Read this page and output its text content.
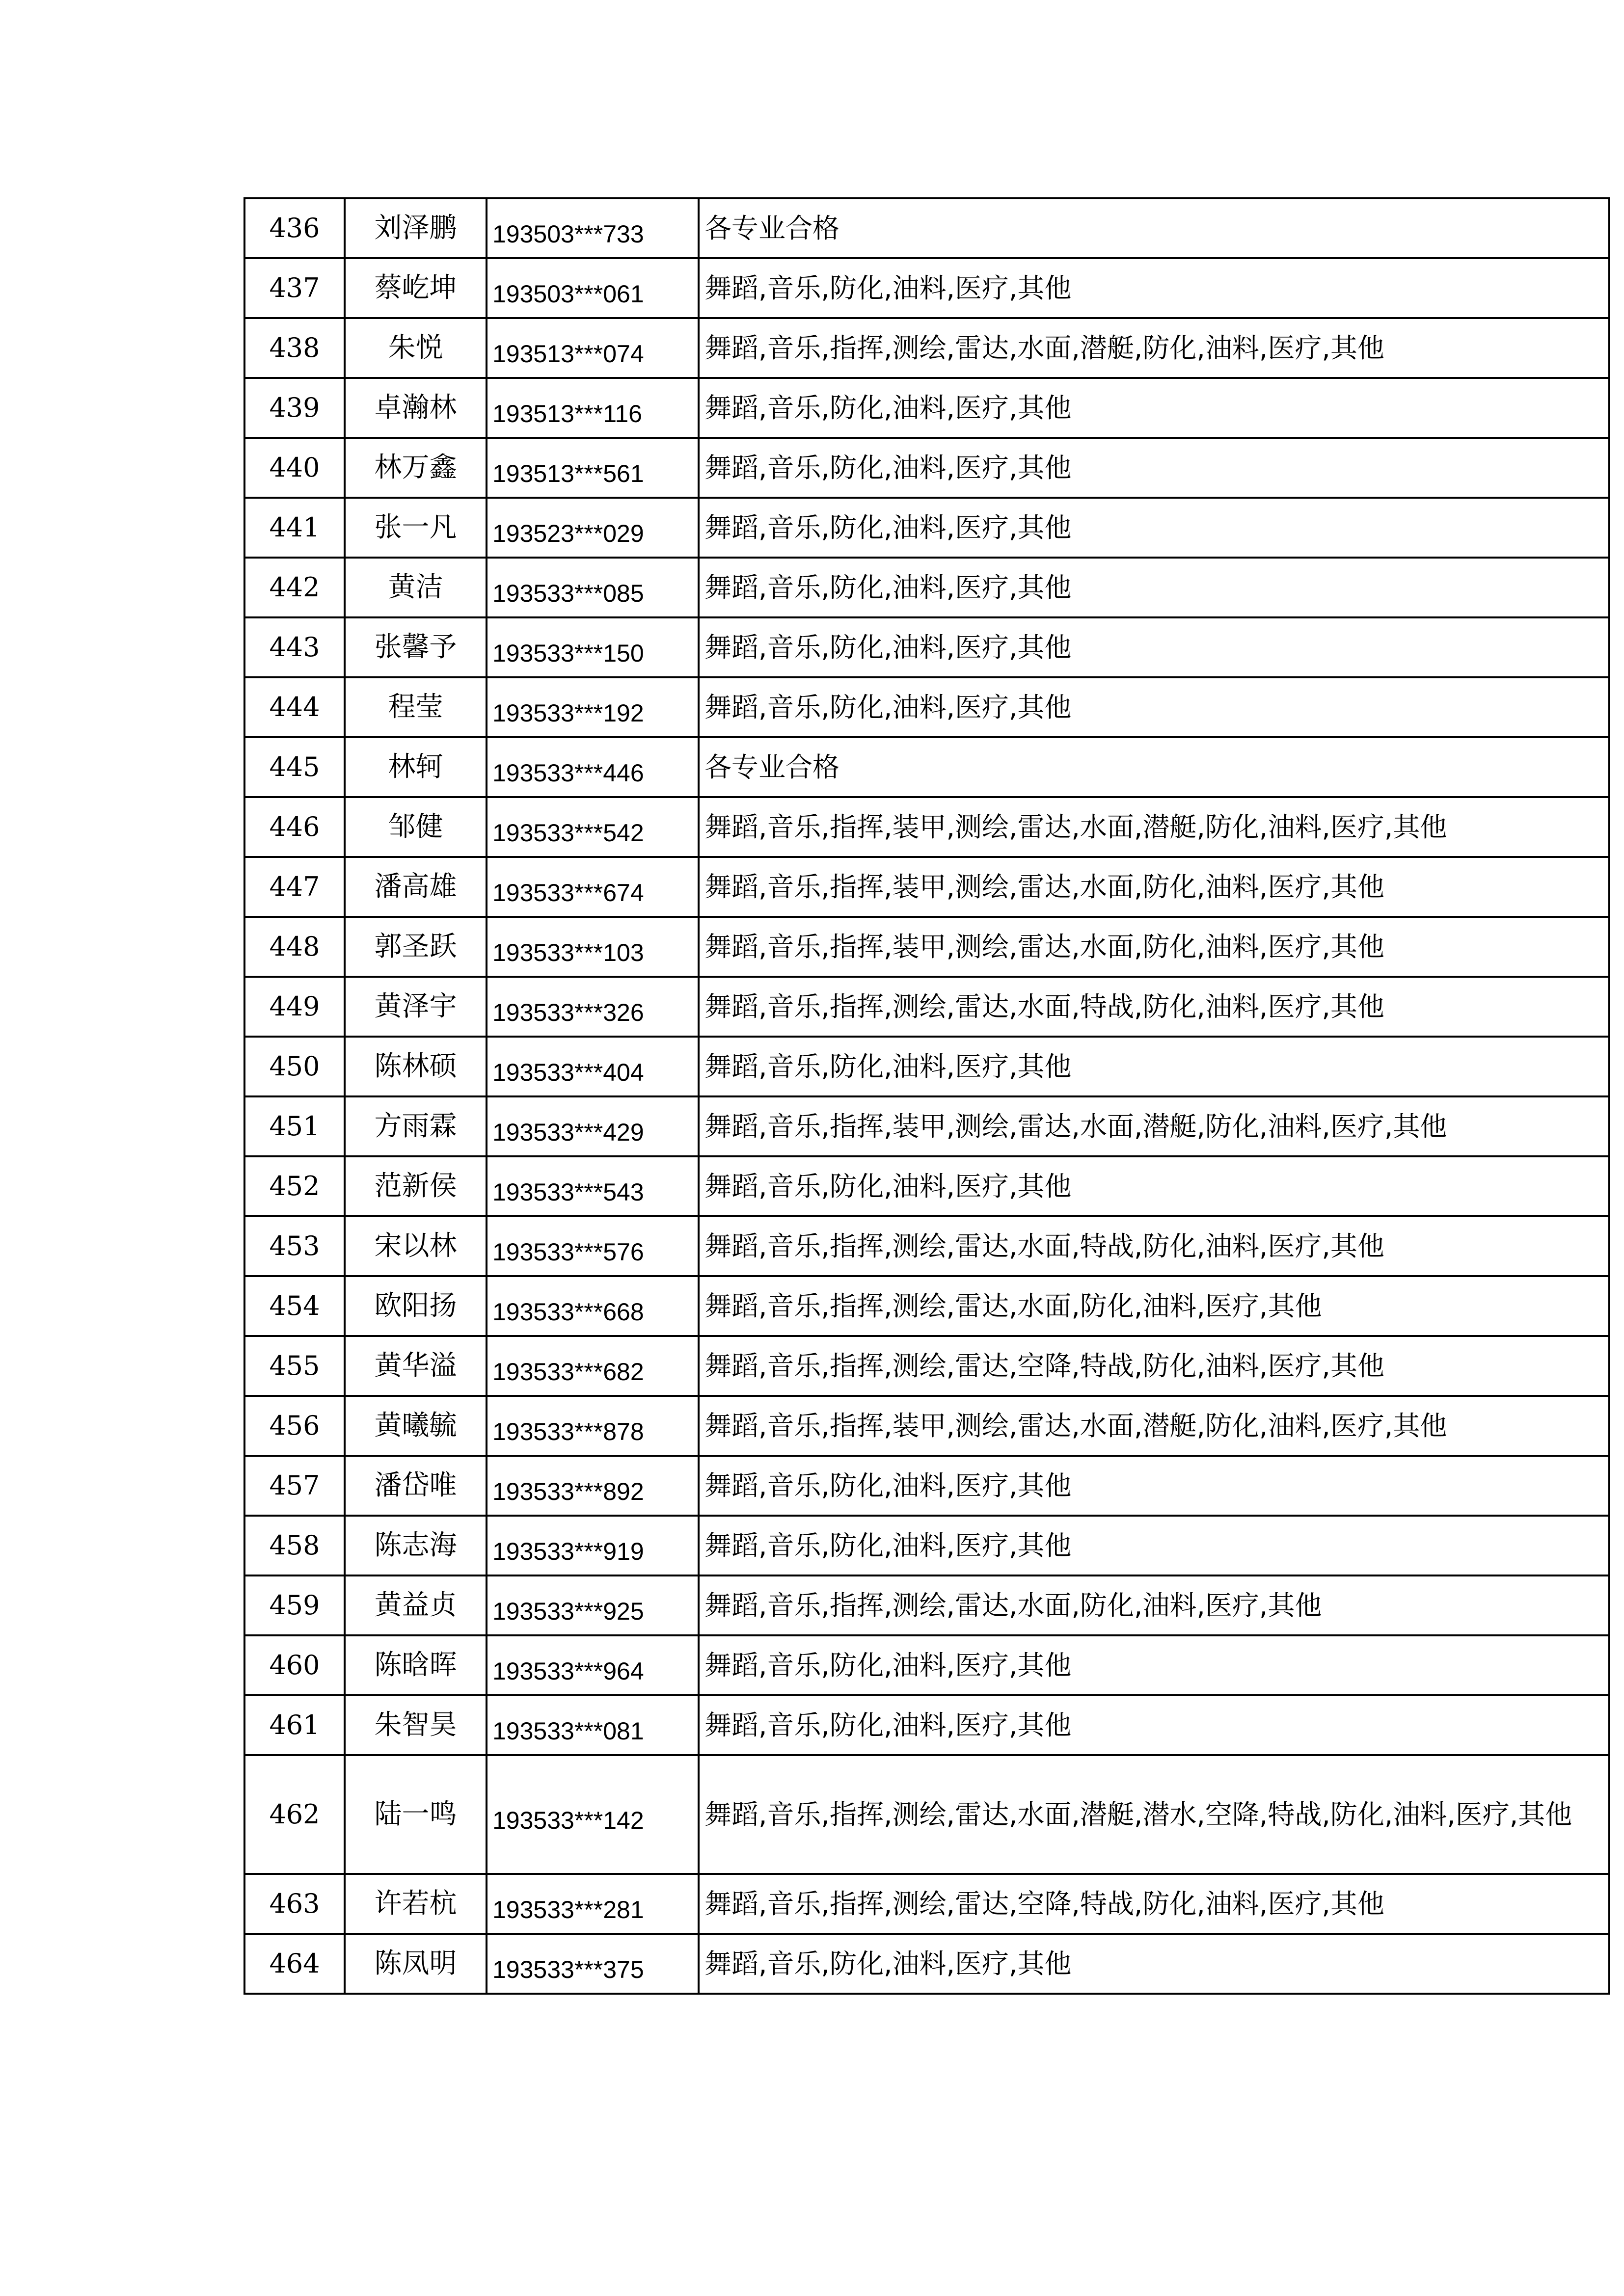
436	刘泽鹏	193503***733	各专业合格
437	蔡屹坤	193503***061	舞蹈,音乐,防化,油料,医疗,其他
438	朱悦	193513***074	舞蹈,音乐,指挥,测绘,雷达,水面,潜艇,防化,油料,医疗,其他
439	卓瀚林	193513***116	舞蹈,音乐,防化,油料,医疗,其他
440	林万鑫	193513***561	舞蹈,音乐,防化,油料,医疗,其他
441	张一凡	193523***029	舞蹈,音乐,防化,油料,医疗,其他
442	黄洁	193533***085	舞蹈,音乐,防化,油料,医疗,其他
443	张馨予	193533***150	舞蹈,音乐,防化,油料,医疗,其他
444	程莹	193533***192	舞蹈,音乐,防化,油料,医疗,其他
445	林轲	193533***446	各专业合格
446	邹健	193533***542	舞蹈,音乐,指挥,装甲,测绘,雷达,水面,潜艇,防化,油料,医疗,其他
447	潘高雄	193533***674	舞蹈,音乐,指挥,装甲,测绘,雷达,水面,防化,油料,医疗,其他
448	郭圣跃	193533***103	舞蹈,音乐,指挥,装甲,测绘,雷达,水面,防化,油料,医疗,其他
449	黄泽宇	193533***326	舞蹈,音乐,指挥,测绘,雷达,水面,特战,防化,油料,医疗,其他
450	陈林硕	193533***404	舞蹈,音乐,防化,油料,医疗,其他
451	方雨霖	193533***429	舞蹈,音乐,指挥,装甲,测绘,雷达,水面,潜艇,防化,油料,医疗,其他
452	范新侯	193533***543	舞蹈,音乐,防化,油料,医疗,其他
453	宋以林	193533***576	舞蹈,音乐,指挥,测绘,雷达,水面,特战,防化,油料,医疗,其他
454	欧阳扬	193533***668	舞蹈,音乐,指挥,测绘,雷达,水面,防化,油料,医疗,其他
455	黄华溢	193533***682	舞蹈,音乐,指挥,测绘,雷达,空降,特战,防化,油料,医疗,其他
456	黄曦毓	193533***878	舞蹈,音乐,指挥,装甲,测绘,雷达,水面,潜艇,防化,油料,医疗,其他
457	潘岱唯	193533***892	舞蹈,音乐,防化,油料,医疗,其他
458	陈志海	193533***919	舞蹈,音乐,防化,油料,医疗,其他
459	黄益贞	193533***925	舞蹈,音乐,指挥,测绘,雷达,水面,防化,油料,医疗,其他
460	陈晗晖	193533***964	舞蹈,音乐,防化,油料,医疗,其他
461	朱智昊	193533***081	舞蹈,音乐,防化,油料,医疗,其他
462	陆一鸣	193533***142	舞蹈,音乐,指挥,测绘,雷达,水面,潜艇,潜水,空降,特战,防化,油料,医疗,其他
463	许若杭	193533***281	舞蹈,音乐,指挥,测绘,雷达,空降,特战,防化,油料,医疗,其他
464	陈凤明	193533***375	舞蹈,音乐,防化,油料,医疗,其他
